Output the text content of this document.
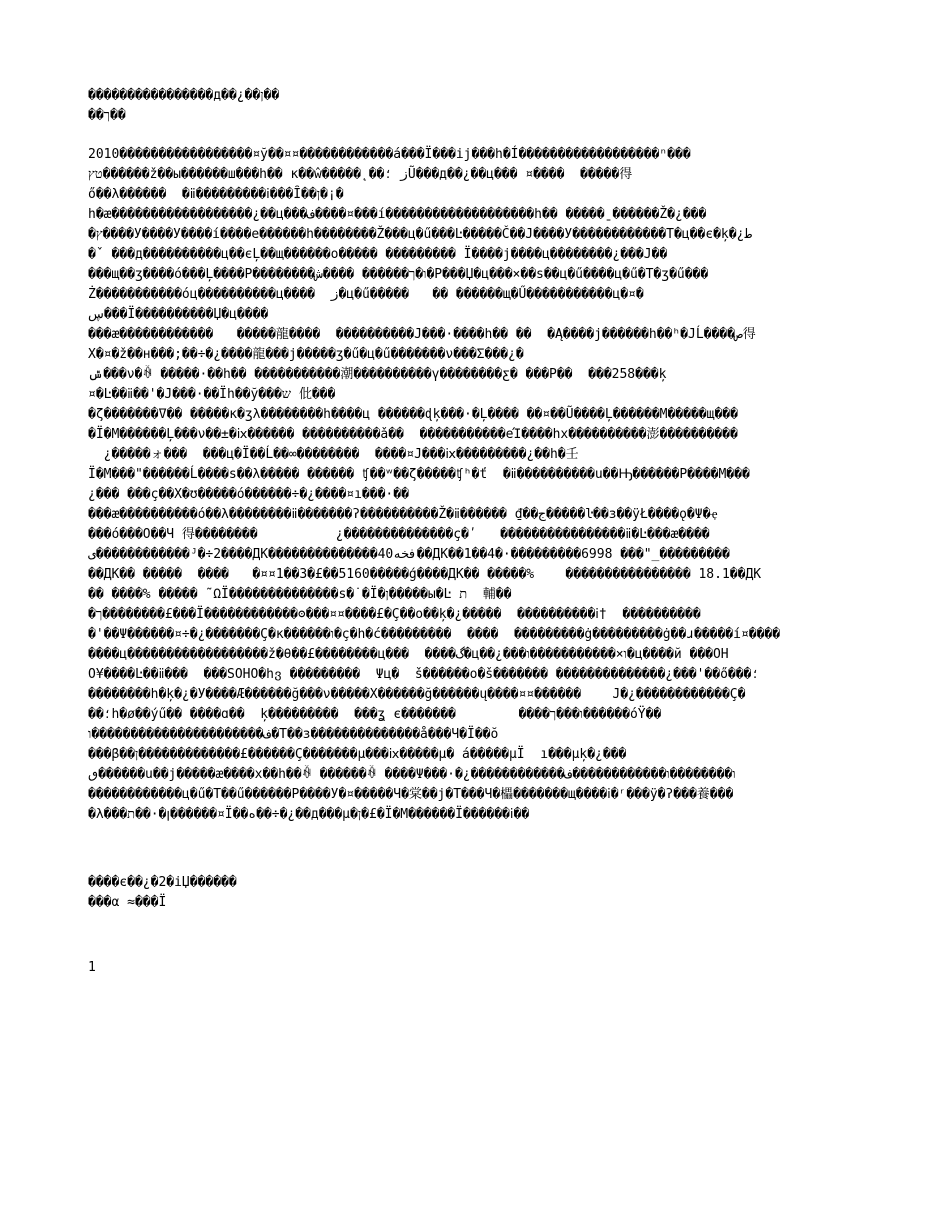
����������������д��¿��ן��
��ך��
2010�����������������¤ў��¤¤������������á���Ï���ij���h�Í������������������ⁿ���
טץ������ž��ы������ш���h�� ĸ��ŵ�����˛��ز ؛Ũ���д��¿��ц��� ¤����  �����得
ő��λ������  �ⅱ���������ⅰ���Ȋ��ן�¡�
h�æ������������������¿��ц���ف����¤���í�������������������h�� �����ˍ������Ž�¿���
�ץ����У����У����í����е������h��������Ž���ц�ű���Ŀ�����Č��Ј����У������������Т�ц��є�ķ�¿ط
�ˇ ���д����������ц��єĻ��щ������о����� ��������� Ï����ј����ц��������¿���Ј��
���щ��ʒ����ó���Ļ����Р��������ו�ך������ ����ش�Р���Џ�ц���×��ѕ��ц�ű����ц�ű�Т�ʒ�ű���
Ż�����������óц����������ц����  ز�ц�ű�����   �� ������щ�Ű�����������ц�¤�
ڛ���Ï����������Џ�ц����
���æ������������   �����龍����  ����������Ј���·����h�� ��  �Ą����ј������h��ʰ�ЈĹ����ص得
Х�¤�ž��н���;��÷�¿����龍���ј�����ʒ�ű�ц�ű�������ν���Σ���¿�
ݜ���ν�ꊾ �����·��h�� �����������潮����������ү��������ƹ� ���Р��  ���258���ķ
¤�Ŀ��ⅱ��'�Ј���·��Їh��ў���ש 仳���
�ζ�������ߜ�� �����κ�ʒλ��������h����ц ������ɖķ���·�Ļ���� ��¤��Ũ����Ļ������М�����щ���
�Ï�М������Ļ���ν��±�ⅸ������ ����������ǎ��  �����������eΊ����hх����������澎����������
¿�����ォ���  ���ц�Ï��Ĺ��∞��������  ����¤Ј���ⅸ���������¿��h�壬
Ï�М���"������Ĺ����ѕ��λ����� ������ ʧ��ʷ��ζ�����ʧʰ�ť  �ⅱ����������u��Ԣ������Р����М���
¿��� ���ç��Х�ʊ�����ó������÷�¿����¤ı���·��
���æ����������ó��λ��������ⅱ�������ʔ����������Ž�ⅱ������ ₫��ج�����ŀ��з��ÿŁ����ǫ�Ψ�ҿ
���ó���О��Ч 得��������          ¿��������������ç�ʹ   ����������������ⅱ�Ŀ���æ����
ﯼ������������ᴶ�÷2����ДК��������������40فخه��ДК��1��4�·���������6998 ���"_���������
��ДК�� �����  ����   �¤¤1��3�£��5160�����ǵ����ДК�� �����%    ���������������� 18.1��ДК
�� ����% ����� ˜ΩÏ��������������ѕ�˙�Ï�ן�����ы�Ŀ ת  輔��
�ך��������£���Ï������������ʘ���¤¤����£�Ç��о��ķ�¿�����  ����������ⅰ†  ����������
�'��Ψ������¤÷�¿�������Ç�κ������ו�ç�h�ć���������  ����  ���������ġ���������ġ��ɹ�����í¤����
����ц������������������ž�θ��£��������ц���  ����گ�ц��¿���ו×�����������ו�ц����й ���ОН
О¥����Ŀ��ⅱ���  ���SОНО�hვ ���������  Ψц�  š������о�š������� ��������������¿���'��ő���؛
��������h�ķ�¿�У����Æ������ğ���ν�����Х������ğ������ų����¤¤������    Ј�¿������������Ç�
��؛h�ø��ýű�� ����ɑ��  ķ���������  ���ʓ є�������        ����ו���ך������óŸ��
ف����������������������ו�Т��з��������������å���Ч�Ï��ŏ
���β��ן�������������£������Ç�������μ���ⅸ�����μ� á�����μЇ  ı���μķ�¿���
ٯ������u��ј�����æ����х��h��ꊾ ������ꊾ ����Ψ���·�¿������������ו��������ו������������ف
������������ц�ű�Т��ű������Р����У�¤�����Ч�棠��ј�Т���Ч�櫑�������щ����ⅰ�ʳ���ÿ�ʔ���養���
�λ���ת��·�ꞁ������¤Ï��ه��÷�¿��д���μ�ן�£�Ï�М������Ї������ⅰ��
����є��¿�2�іЏ������
���α ≈���Ї
1
